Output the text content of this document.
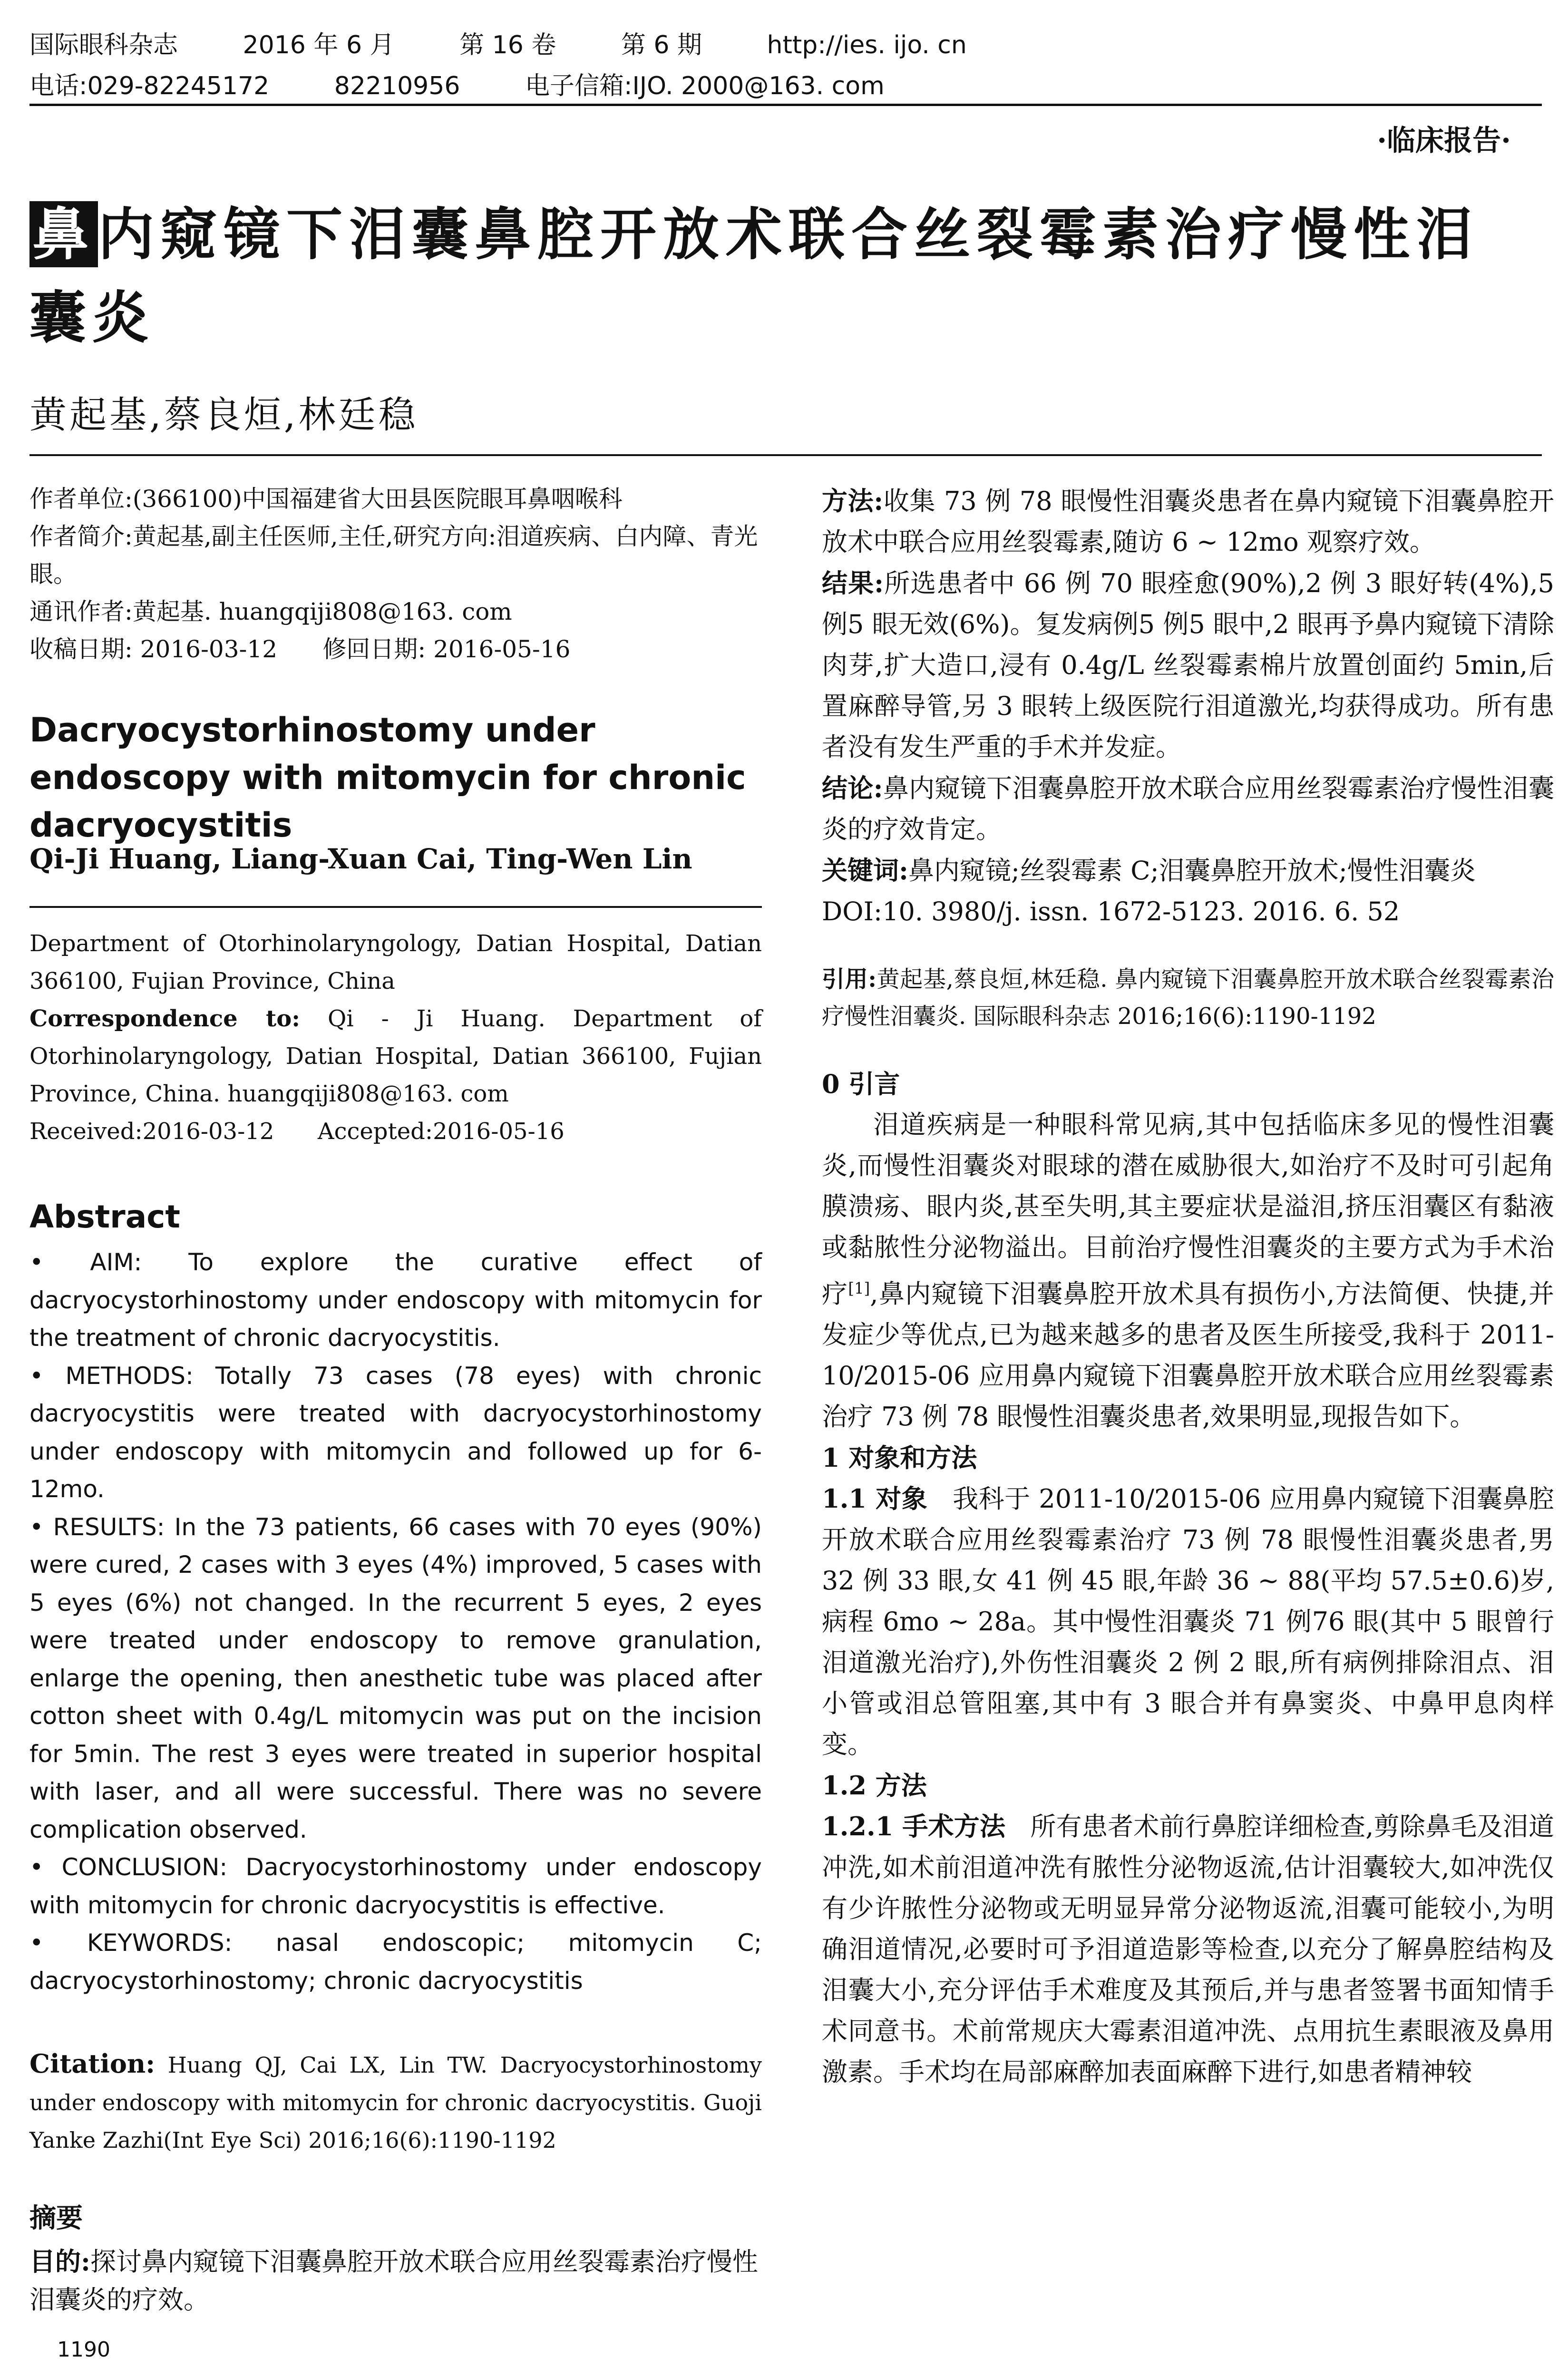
国际眼科杂志	2016 年 6 月	第 16 卷	第 6 期	http://ies. ijo. cn
电话:029-82245172	82210956	电子信箱:IJO. 2000@163. com
·临床报告·
鼻内窥镜下泪囊鼻腔开放术联合丝裂霉素治疗慢性泪囊炎
黄起基,蔡良烜,林廷稳

作者单位:(366100)中国福建省大田县医院眼耳鼻咽喉科

作者简介:黄起基,副主任医师,主任,研究方向:泪道疾病、白内障、青光眼。

通讯作者:黄起基. huangqiji808@163. com

收稿日期: 2016-03-12      修回日期: 2016-05-16

Dacryocystorhinostomy under endoscopy with mitomycin for chronic dacryocystitis
Qi-Ji Huang, Liang-Xuan Cai, Ting-Wen Lin

Department of Otorhinolaryngology, Datian Hospital, Datian 366100, Fujian Province, China

Correspondence to: Qi - Ji Huang. Department of Otorhinolaryngology, Datian Hospital, Datian 366100, Fujian Province, China. huangqiji808@163. com

Received:2016-03-12      Accepted:2016-05-16

Abstract

• AIM: To explore the curative effect of dacryocystorhinostomy under endoscopy with mitomycin for the treatment of chronic dacryocystitis.

• METHODS: Totally 73 cases (78 eyes) with chronic dacryocystitis were treated with dacryocystorhinostomy under endoscopy with mitomycin and followed up for 6-12mo.

• RESULTS: In the 73 patients, 66 cases with 70 eyes (90%) were cured, 2 cases with 3 eyes (4%) improved, 5 cases with 5 eyes (6%) not changed. In the recurrent 5 eyes, 2 eyes were treated under endoscopy to remove granulation, enlarge the opening, then anesthetic tube was placed after cotton sheet with 0.4g/L mitomycin was put on the incision for 5min. The rest 3 eyes were treated in superior hospital with laser, and all were successful. There was no severe complication observed.

• CONCLUSION: Dacryocystorhinostomy under endoscopy with mitomycin for chronic dacryocystitis is effective.

• KEYWORDS: nasal endoscopic; mitomycin C; dacryocystorhinostomy; chronic dacryocystitis

Citation: Huang QJ, Cai LX, Lin TW. Dacryocystorhinostomy under endoscopy with mitomycin for chronic dacryocystitis. Guoji Yanke Zazhi(Int Eye Sci) 2016;16(6):1190-1192

摘要

目的:探讨鼻内窥镜下泪囊鼻腔开放术联合应用丝裂霉素治疗慢性泪囊炎的疗效。

1190

方法:收集 73 例 78 眼慢性泪囊炎患者在鼻内窥镜下泪囊鼻腔开放术中联合应用丝裂霉素,随访 6 ~ 12mo 观察疗效。

结果:所选患者中 66 例 70 眼痊愈(90%),2 例 3 眼好转(4%),5 例5 眼无效(6%)。复发病例5 例5 眼中,2 眼再予鼻内窥镜下清除肉芽,扩大造口,浸有 0.4g/L 丝裂霉素棉片放置创面约 5min,后置麻醉导管,另 3 眼转上级医院行泪道激光,均获得成功。所有患者没有发生严重的手术并发症。

结论:鼻内窥镜下泪囊鼻腔开放术联合应用丝裂霉素治疗慢性泪囊炎的疗效肯定。

关键词:鼻内窥镜;丝裂霉素 C;泪囊鼻腔开放术;慢性泪囊炎

DOI:10. 3980/j. issn. 1672-5123. 2016. 6. 52

引用:黄起基,蔡良烜,林廷稳. 鼻内窥镜下泪囊鼻腔开放术联合丝裂霉素治疗慢性泪囊炎. 国际眼科杂志 2016;16(6):1190-1192

0 引言

泪道疾病是一种眼科常见病,其中包括临床多见的慢性泪囊炎,而慢性泪囊炎对眼球的潜在威胁很大,如治疗不及时可引起角膜溃疡、眼内炎,甚至失明,其主要症状是溢泪,挤压泪囊区有黏液或黏脓性分泌物溢出。目前治疗慢性泪囊炎的主要方式为手术治疗[1],鼻内窥镜下泪囊鼻腔开放术具有损伤小,方法简便、快捷,并发症少等优点,已为越来越多的患者及医生所接受,我科于 2011-10/2015-06 应用鼻内窥镜下泪囊鼻腔开放术联合应用丝裂霉素治疗 73 例 78 眼慢性泪囊炎患者,效果明显,现报告如下。

1 对象和方法

1.1 对象 我科于 2011-10/2015-06 应用鼻内窥镜下泪囊鼻腔开放术联合应用丝裂霉素治疗 73 例 78 眼慢性泪囊炎患者,男 32 例 33 眼,女 41 例 45 眼,年龄 36 ~ 88(平均 57.5±0.6)岁,病程 6mo ~ 28a。其中慢性泪囊炎 71 例76 眼(其中 5 眼曾行泪道激光治疗),外伤性泪囊炎 2 例 2 眼,所有病例排除泪点、泪小管或泪总管阻塞,其中有 3 眼合并有鼻窦炎、中鼻甲息肉样变。

1.2 方法

1.2.1 手术方法 所有患者术前行鼻腔详细检查,剪除鼻毛及泪道冲洗,如术前泪道冲洗有脓性分泌物返流,估计泪囊较大,如冲洗仅有少许脓性分泌物或无明显异常分泌物返流,泪囊可能较小,为明确泪道情况,必要时可予泪道造影等检查,以充分了解鼻腔结构及泪囊大小,充分评估手术难度及其预后,并与患者签署书面知情手术同意书。术前常规庆大霉素泪道冲洗、点用抗生素眼液及鼻用激素。手术均在局部麻醉加表面麻醉下进行,如患者精神较
